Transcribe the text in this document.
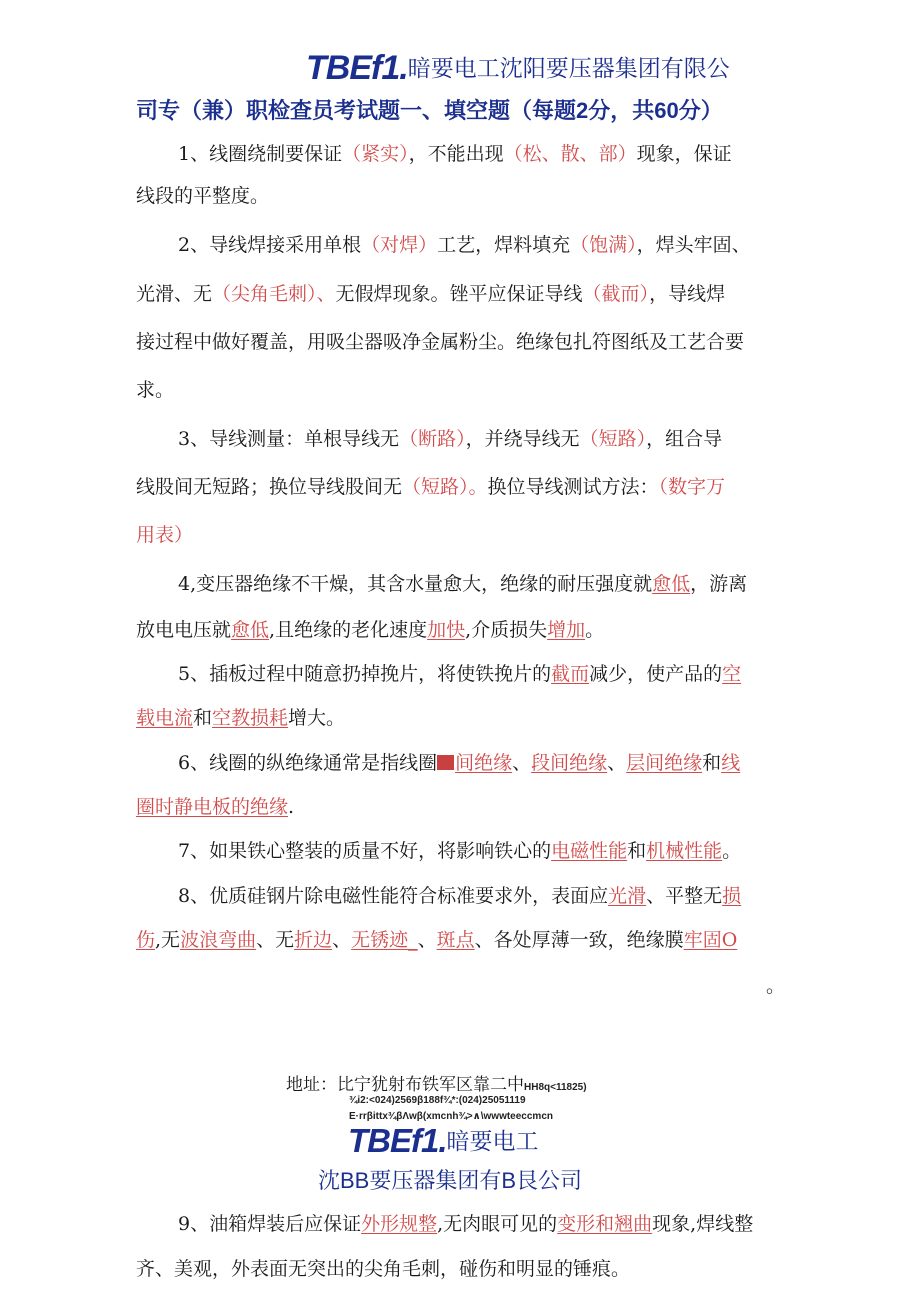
TBEf1.暗要电工沈阳要压器集团有限公
司专（兼）职检查员考试题一、填空题（每题2分，共60分）
1、线圈绕制要保证（紧实），不能出现（松、散、部）现象，保证
线段的平整度。
2、导线焊接采用单根（对焊）工艺，焊料填充（饱满），焊头牢固、
光滑、无（尖角毛刺）、无假焊现象。锉平应保证导线（截而），导线焊
接过程中做好覆盖，用吸尘器吸净金属粉尘。绝缘包扎符图纸及工艺合要
求。
3、导线测量：单根导线无（断路），并绕导线无（短路），组合导
线股间无短路；换位导线股间无（短路）。换位导线测试方法：（数字万
用表）
4,变压器绝缘不干燥，其含水量愈大，绝缘的耐压强度就愈低，游离
放电电压就愈低,且绝缘的老化速度加快,介质损失增加。
5、插板过程中随意扔掉挽片，将使铁挽片的截而减少，使产品的空
载电流和空教损耗增大。
6、线圈的纵绝缘通常是指线圈 间绝缘、段间绝缘、层间绝缘和线
圈时静电板的绝缘.
7、如果铁心整装的质量不好，将影响铁心的电磁性能和机械性能。
8、优质硅钢片除电磁性能符合标准要求外，表面应光滑、平整无损
伤,无波浪弯曲、无折边、无锈迹_、斑点、各处厚薄一致，绝缘膜牢固O
。
地址：比宁犹射布铁军区靠二中HH8q<11825)
¾i2:<024)2569β188f¾*:(024)25051119
E·rrβittx¾βΛwβ(xmcnh¾>∧\wwwteeccmcn
TBEf1.暗要电工
沈BB要压器集团有B艮公司
9、油箱焊装后应保证外形规整,无肉眼可见的变形和翘曲现象,焊线整
齐、美观，外表面无突出的尖角毛刺，碰伤和明显的锤痕。
